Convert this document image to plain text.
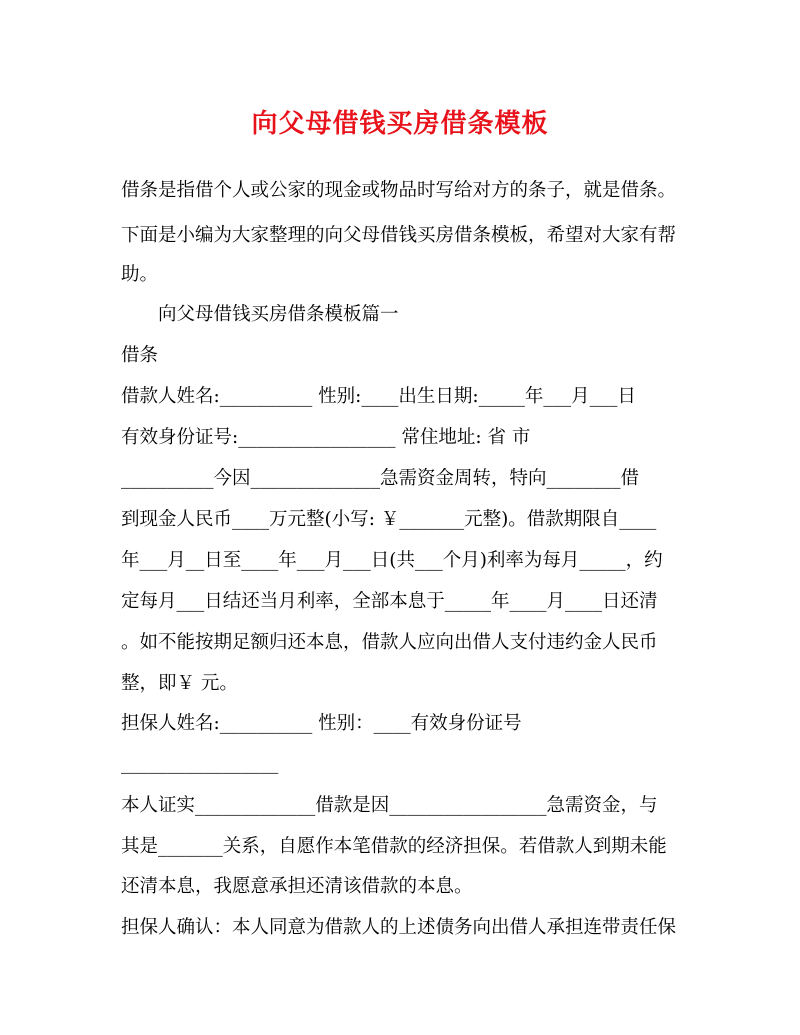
向父母借钱买房借条模板
借条是指借个人或公家的现金或物品时写给对方的条子，就是借条。
下面是小编为大家整理的向父母借钱买房借条模板，希望对大家有帮
助。
向父母借钱买房借条模板篇一
借条
借款人姓名:__________ 性别:____出生日期:_____年___月___日
有效身份证号:_________________ 常住地址: 省 市
__________今因______________急需资金周转，特向________借
到现金人民币____万元整(小写: ￥_______元整)。借款期限自____
年___月__日至____年___月___日(共___个月)利率为每月_____，约
定每月___日结还当月利率，全部本息于_____年____月____日还清
。如不能按期足额归还本息，借款人应向出借人支付违约金人民币
整，即￥ 元。
担保人姓名:__________ 性别：____有效身份证号
_________________
本人证实_____________借款是因_________________急需资金，与
其是_______关系，自愿作本笔借款的经济担保。若借款人到期未能
还清本息，我愿意承担还清该借款的本息。
担保人确认：本人同意为借款人的上述债务向出借人承担连带责任保
